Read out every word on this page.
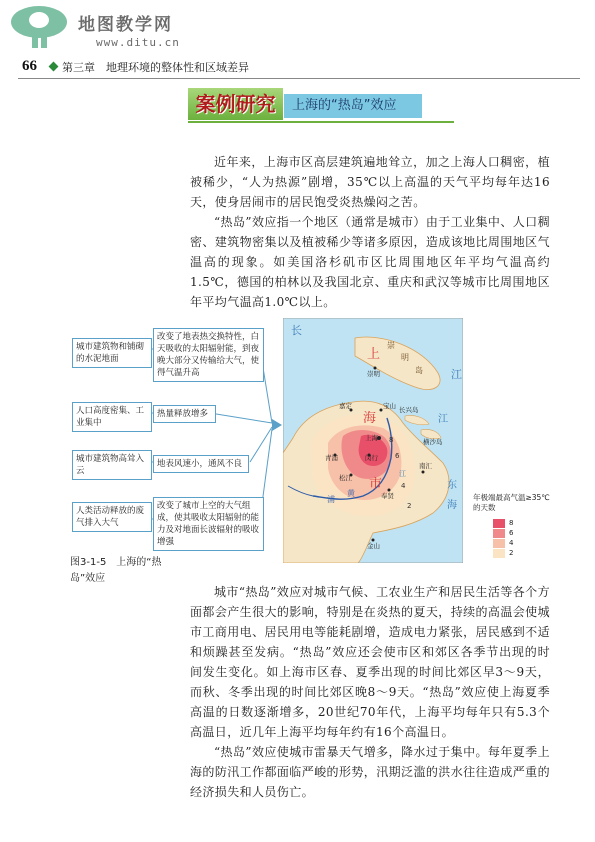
地图教学网
www.ditu.cn
66 第三章　地理环境的整体性和区域差异
案例研究	上海的“热岛”效应

近年来，上海市区高层建筑遍地耸立，加之上海人口稠密，植被稀少，“人为热源”剧增，35℃以上高温的天气平均每年达16天，使身居闹市的居民饱受炎热燥闷之苦。

“热岛”效应指一个地区（通常是城市）由于工业集中、人口稠密、建筑物密集以及植被稀少等诸多原因，造成该地比周围地区气温高的现象。如美国洛杉矶市区比周围地区年平均气温高约1.5℃，德国的柏林以及我国北京、重庆和武汉等城市比周围地区年平均气温高1.0℃以上。

城市建筑物和铺砌的水泥地面
改变了地表热交换特性，白天吸收的太阳辐射能，到夜晚大部分又传输给大气，使得气温升高
人口高度密集、工业集中
热量释放增多
城市建筑物高耸入云
地表风速小，通风不良
人类活动释放的废气排入大气
改变了城市上空的大气组成，使其吸收太阳辐射的能力及对地面长波辐射的吸收增强
图3-1-5　上海的“热岛”效应
长
江
江
崇
明
岛
崇明
上
海
市
嘉定	宝山 长兴岛
横沙岛
上海
青浦	闵行
松江
南汇
奉贤
金山
江
东
海
黄
浦
8
6
4
2
年极端最高气温≥35℃的天数
8
6
4
2

城市“热岛”效应对城市气候、工农业生产和居民生活等各个方面都会产生很大的影响，特别是在炎热的夏天，持续的高温会使城市工商用电、居民用电等能耗剧增，造成电力紧张，居民感到不适和烦躁甚至发病。“热岛”效应还会使市区和郊区各季节出现的时间发生变化。如上海市区春、夏季出现的时间比郊区早3～9天，而秋、冬季出现的时间比郊区晚8～9天。“热岛”效应使上海夏季高温的日数逐渐增多，20世纪70年代，上海平均每年只有5.3个高温日，近几年上海平均每年约有16个高温日。

“热岛”效应使城市雷暴天气增多，降水过于集中。每年夏季上海的防汛工作都面临严峻的形势，汛期泛滥的洪水往往造成严重的经济损失和人员伤亡。
